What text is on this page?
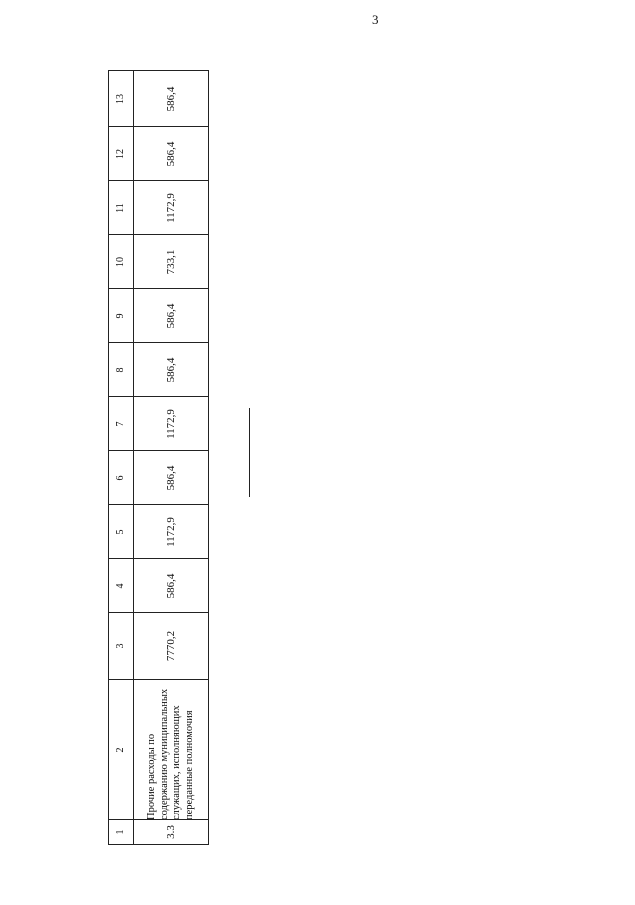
3
13	586,4
12	586,4
11	1172,9
10	733,1
9	586,4
8	586,4
7	1172,9
6	586,4
5	1172,9
4	586,4
3	7770,2
2 Прочие расходы по содержанию муниципальных служащих, исполняющих переданные полномочия
1	3.3
